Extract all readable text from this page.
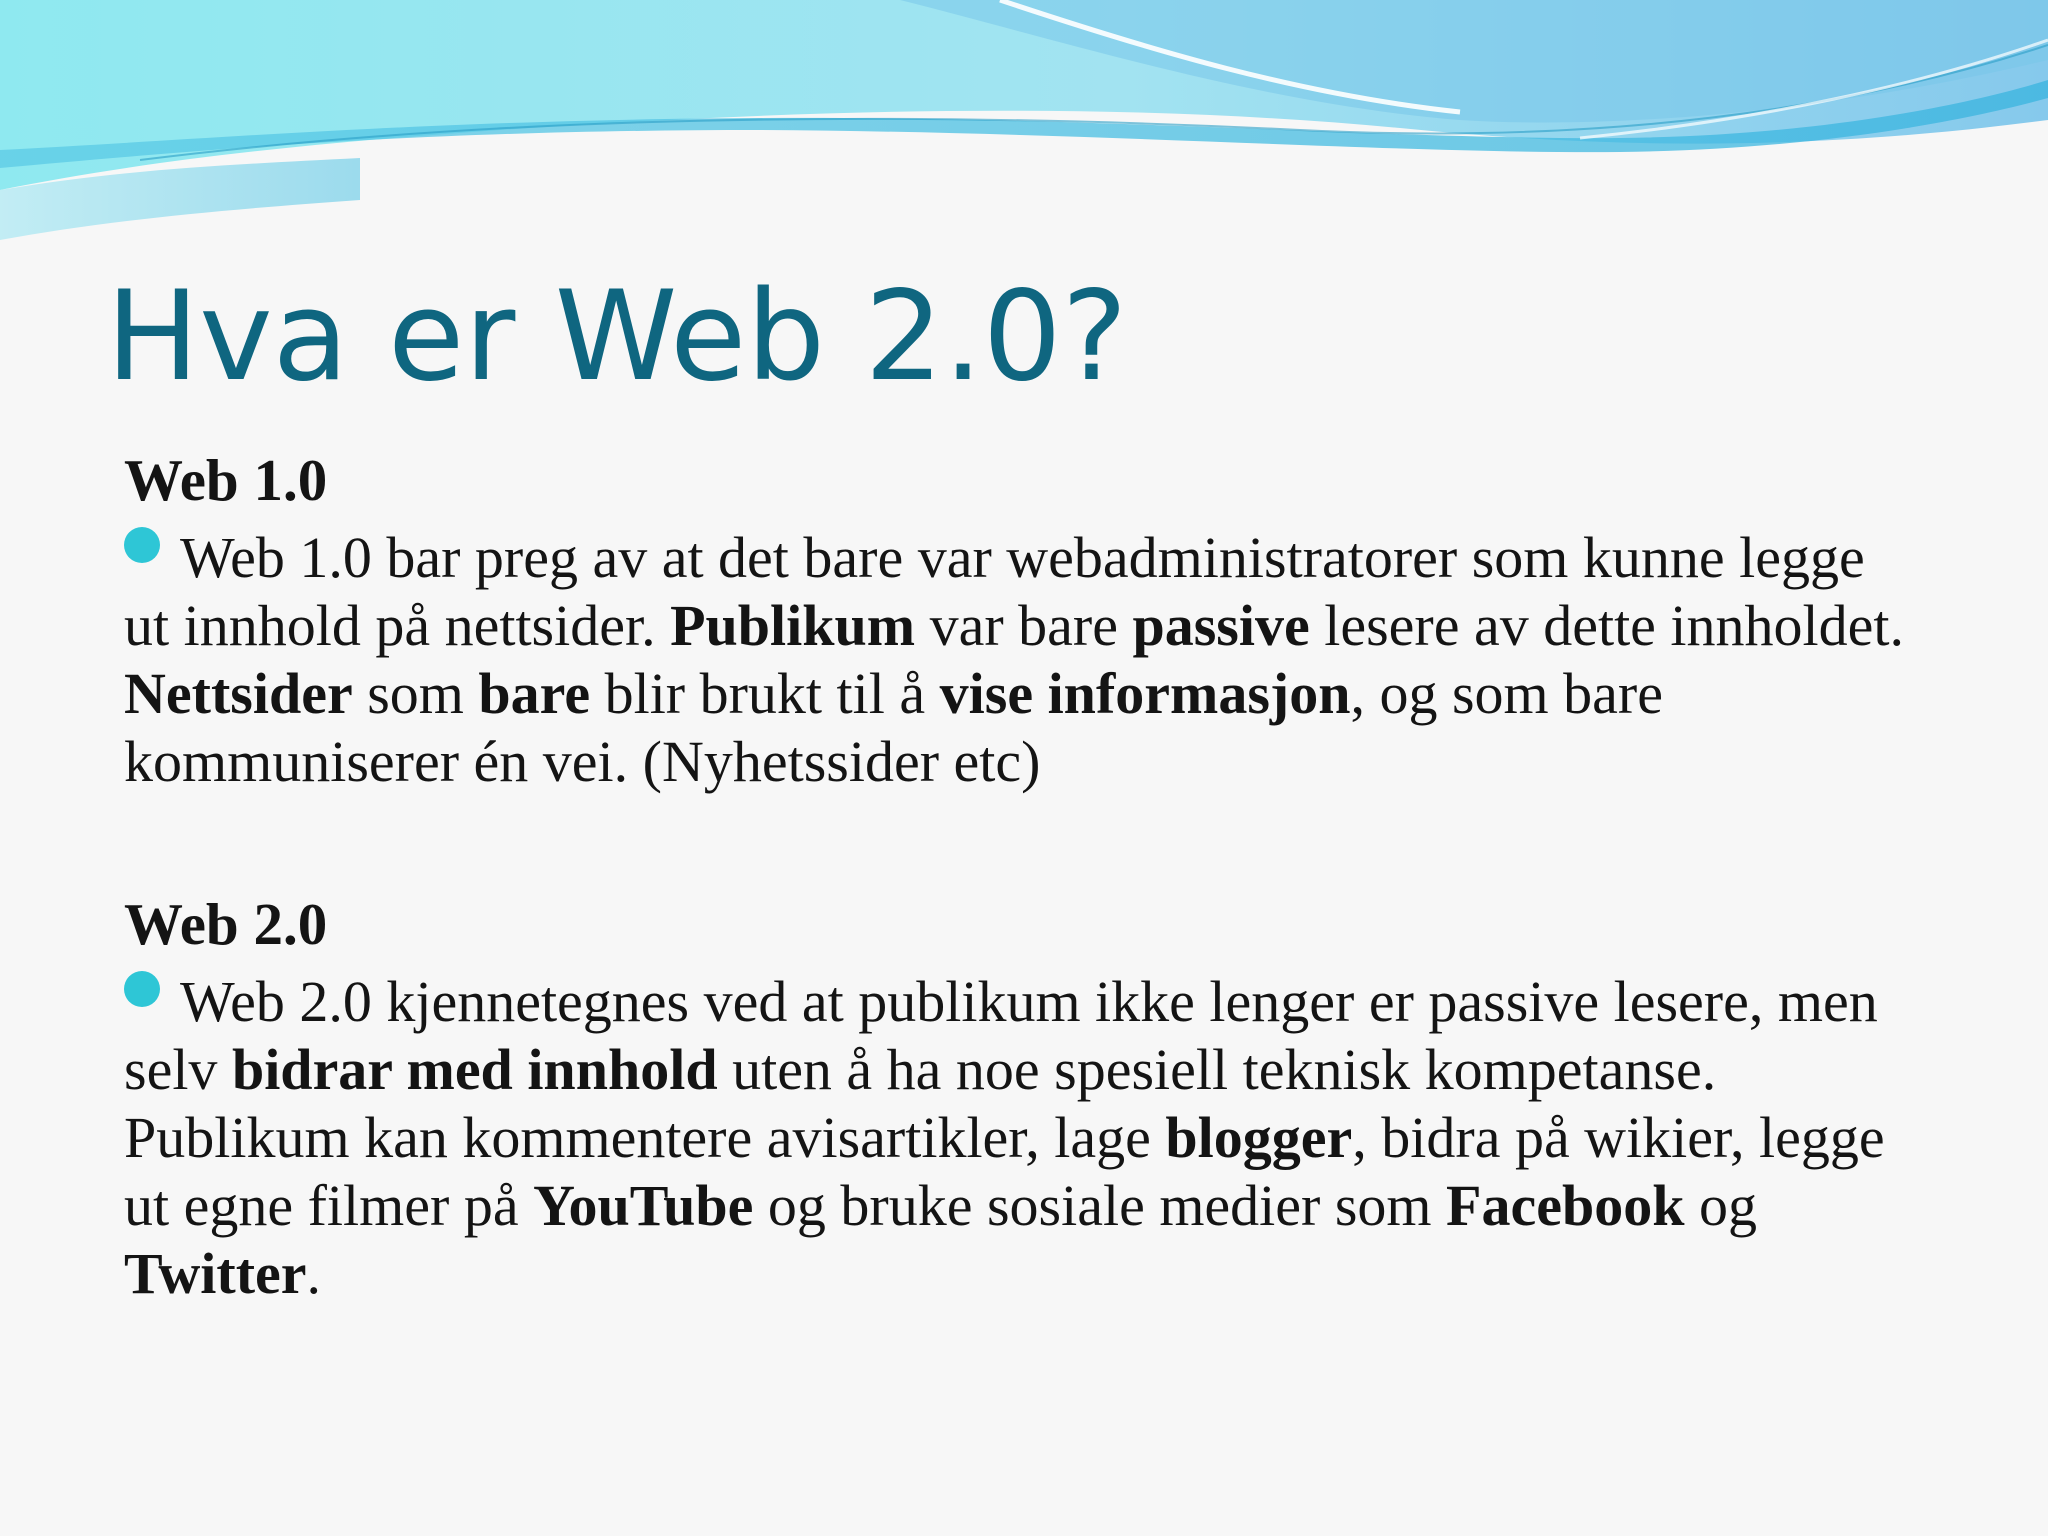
Hva er Web 2.0?

Web 1.0

Web 1.0 bar preg av at det bare var webadministratorer som kunne legge ut innhold på nettsider. Publikum var bare passive lesere av dette innholdet. Nettsider som bare blir brukt til å vise informasjon, og som bare kommuniserer én vei. (Nyhetssider etc)

Web 2.0

Web 2.0 kjennetegnes ved at publikum ikke lenger er passive lesere, men selv bidrar med innhold uten å ha noe spesiell teknisk kompetanse. Publikum kan kommentere avisartikler, lage blogger, bidra på wikier, legge ut egne filmer på YouTube og bruke sosiale medier som Facebook og Twitter.
